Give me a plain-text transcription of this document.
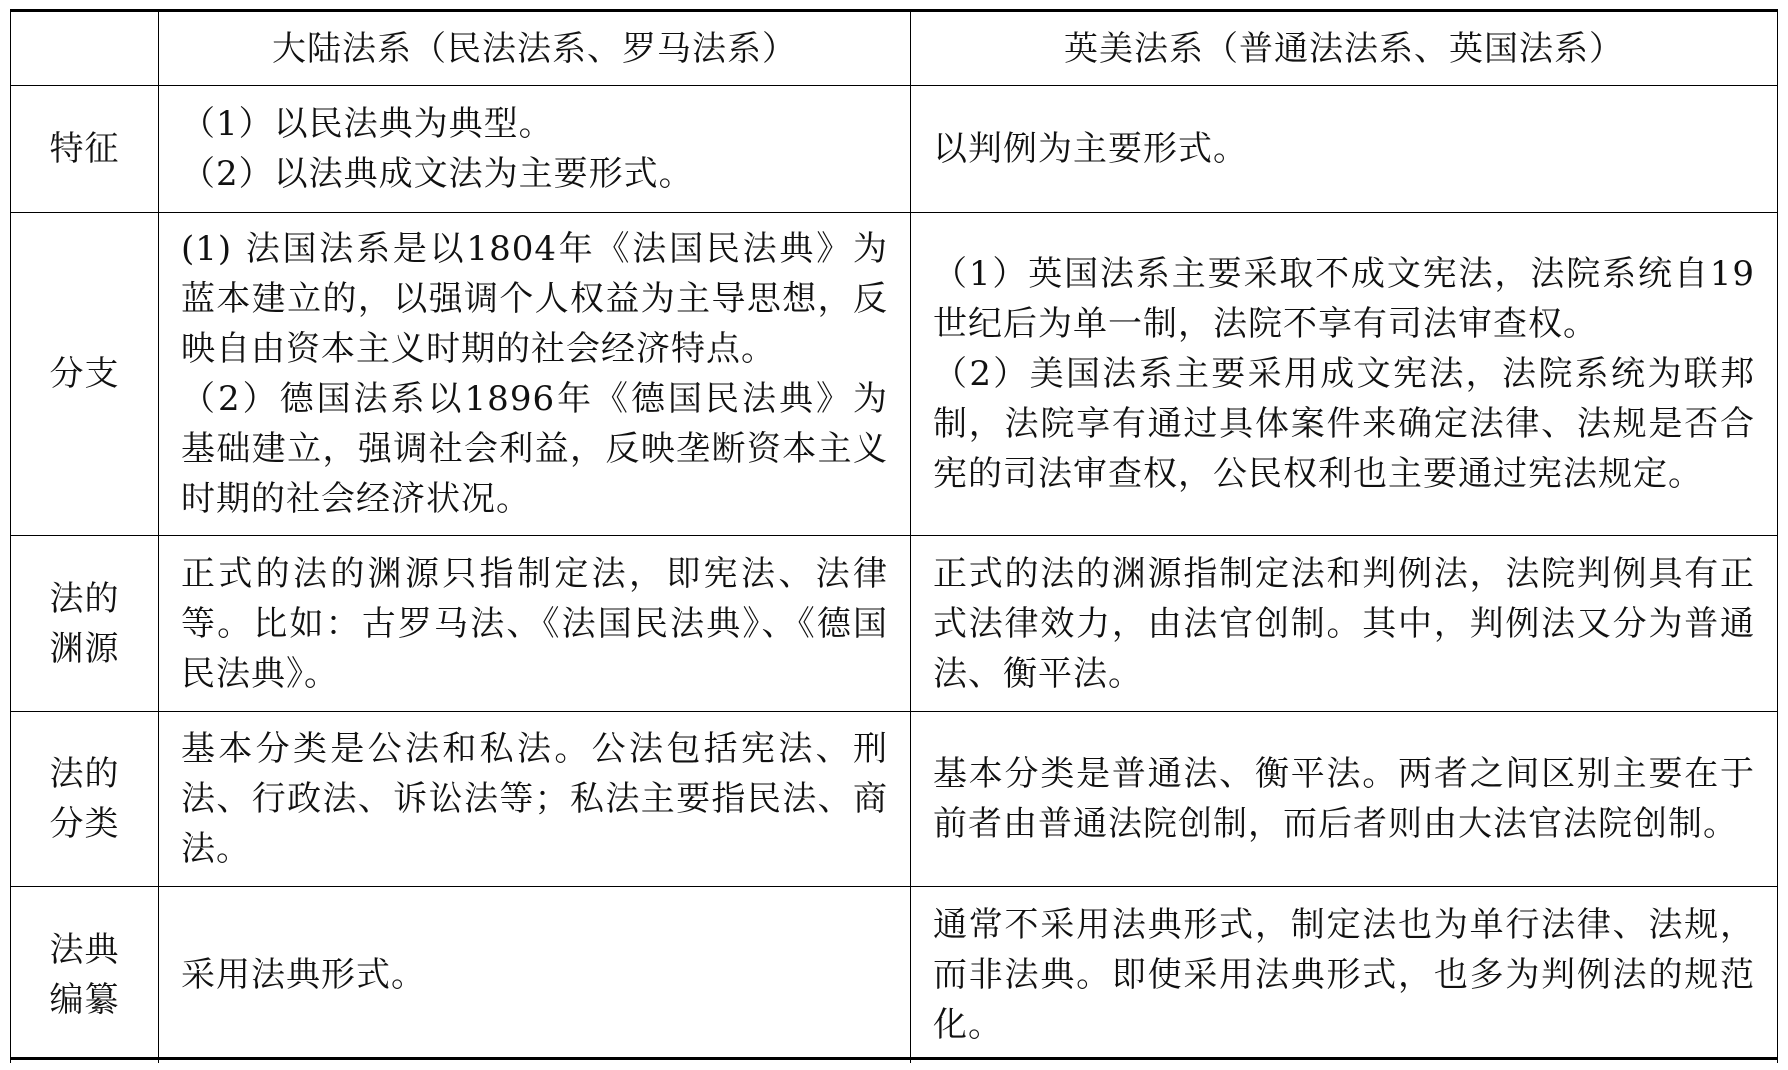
大陆法系（民法法系、罗马法系）	英美法系（普通法法系、英国法系）
特征

（1）以民法典为典型。

（2）以法典成文法为主要形式。

以判例为主要形式。

分支

(1) 法国法系是以1804年《法国民法典》为蓝本建立的，以强调个人权益为主导思想，反映自由资本主义时期的社会经济特点。

（2）德国法系以1896年《德国民法典》为基础建立，强调社会利益，反映垄断资本主义时期的社会经济状况。

（1）英国法系主要采取不成文宪法，法院系统自19世纪后为单一制，法院不享有司法审查权。

（2）美国法系主要采用成文宪法，法院系统为联邦制，法院享有通过具体案件来确定法律、法规是否合宪的司法审查权，公民权利也主要通过宪法规定。

法的渊源

正式的法的渊源只指制定法，即宪法、法律等。比如：古罗马法、《法国民法典》、《德国民法典》。

正式的法的渊源指制定法和判例法，法院判例具有正式法律效力，由法官创制。其中，判例法又分为普通法、衡平法。

法的分类

基本分类是公法和私法。公法包括宪法、刑法、行政法、诉讼法等；私法主要指民法、商法。

基本分类是普通法、衡平法。两者之间区别主要在于前者由普通法院创制，而后者则由大法官法院创制。

法典编纂

采用法典形式。

通常不采用法典形式，制定法也为单行法律、法规，而非法典。即使采用法典形式，也多为判例法的规范化。
